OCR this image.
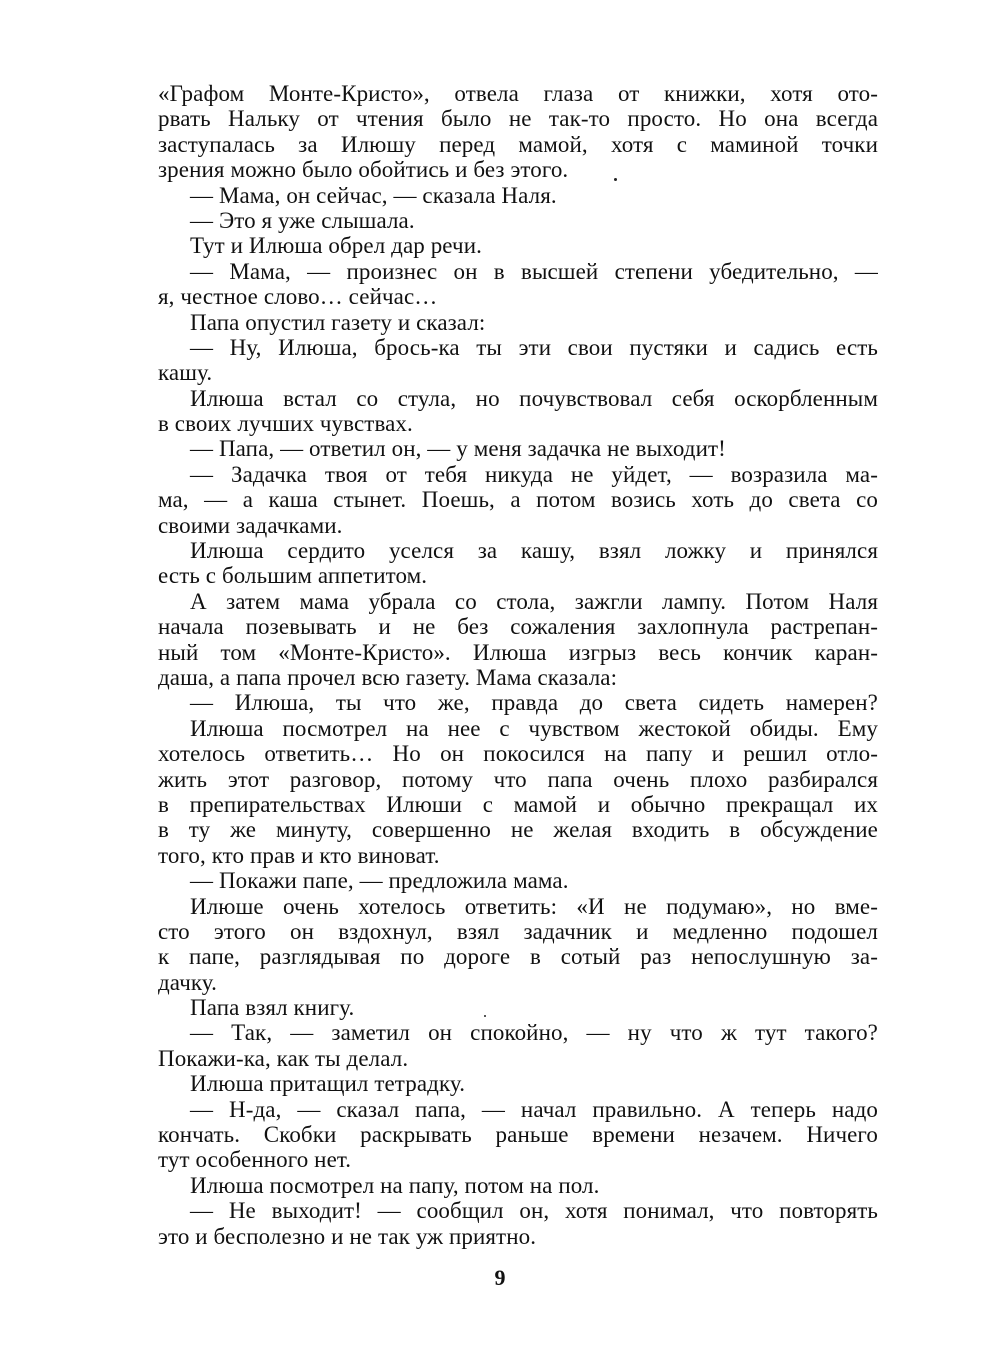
«Графом Монте-Кристо», отвела глаза от книжки, хотя ото-
рвать Нальку от чтения было не так-то просто. Но она всегда
заступалась за Илюшу перед мамой, хотя с маминой точки
зрения можно было обойтись и без этого.
— Мама, он сейчас, — сказала Наля.
— Это я уже слышала.
Тут и Илюша обрел дар речи.
— Мама, — произнес он в высшей степени убедительно, —
я, честное слово… сейчас…
Папа опустил газету и сказал:
— Ну, Илюша, брось-ка ты эти свои пустяки и садись есть
кашу.
Илюша встал со стула, но почувствовал себя оскорбленным
в своих лучших чувствах.
— Папа, — ответил он, — у меня задачка не выходит!
— Задачка твоя от тебя никуда не уйдет, — возразила ма-
ма, — а каша стынет. Поешь, а потом возись хоть до света со
своими задачками.
Илюша сердито уселся за кашу, взял ложку и принялся
есть с большим аппетитом.
А затем мама убрала со стола, зажгли лампу. Потом Наля
начала позевывать и не без сожаления захлопнула растрепан-
ный том «Монте-Кристо». Илюша изгрыз весь кончик каран-
даша, а папа прочел всю газету. Мама сказала:
— Илюша, ты что же, правда до света сидеть намерен?
Илюша посмотрел на нее с чувством жестокой обиды. Ему
хотелось ответить… Но он покосился на папу и решил отло-
жить этот разговор, потому что папа очень плохо разбирался
в препирательствах Илюши с мамой и обычно прекращал их
в ту же минуту, совершенно не желая входить в обсуждение
того, кто прав и кто виноват.
— Покажи папе, — предложила мама.
Илюше очень хотелось ответить: «И не подумаю», но вме-
сто этого он вздохнул, взял задачник и медленно подошел
к папе, разглядывая по дороге в сотый раз непослушную за-
дачку.
Папа взял книгу.
— Так, — заметил он спокойно, — ну что ж тут такого?
Покажи-ка, как ты делал.
Илюша притащил тетрадку.
— Н-да, — сказал папа, — начал правильно. А теперь надо
кончать. Скобки раскрывать раньше времени незачем. Ничего
тут особенного нет.
Илюша посмотрел на папу, потом на пол.
— Не выходит! — сообщил он, хотя понимал, что повторять
это и бесполезно и не так уж приятно.
9
